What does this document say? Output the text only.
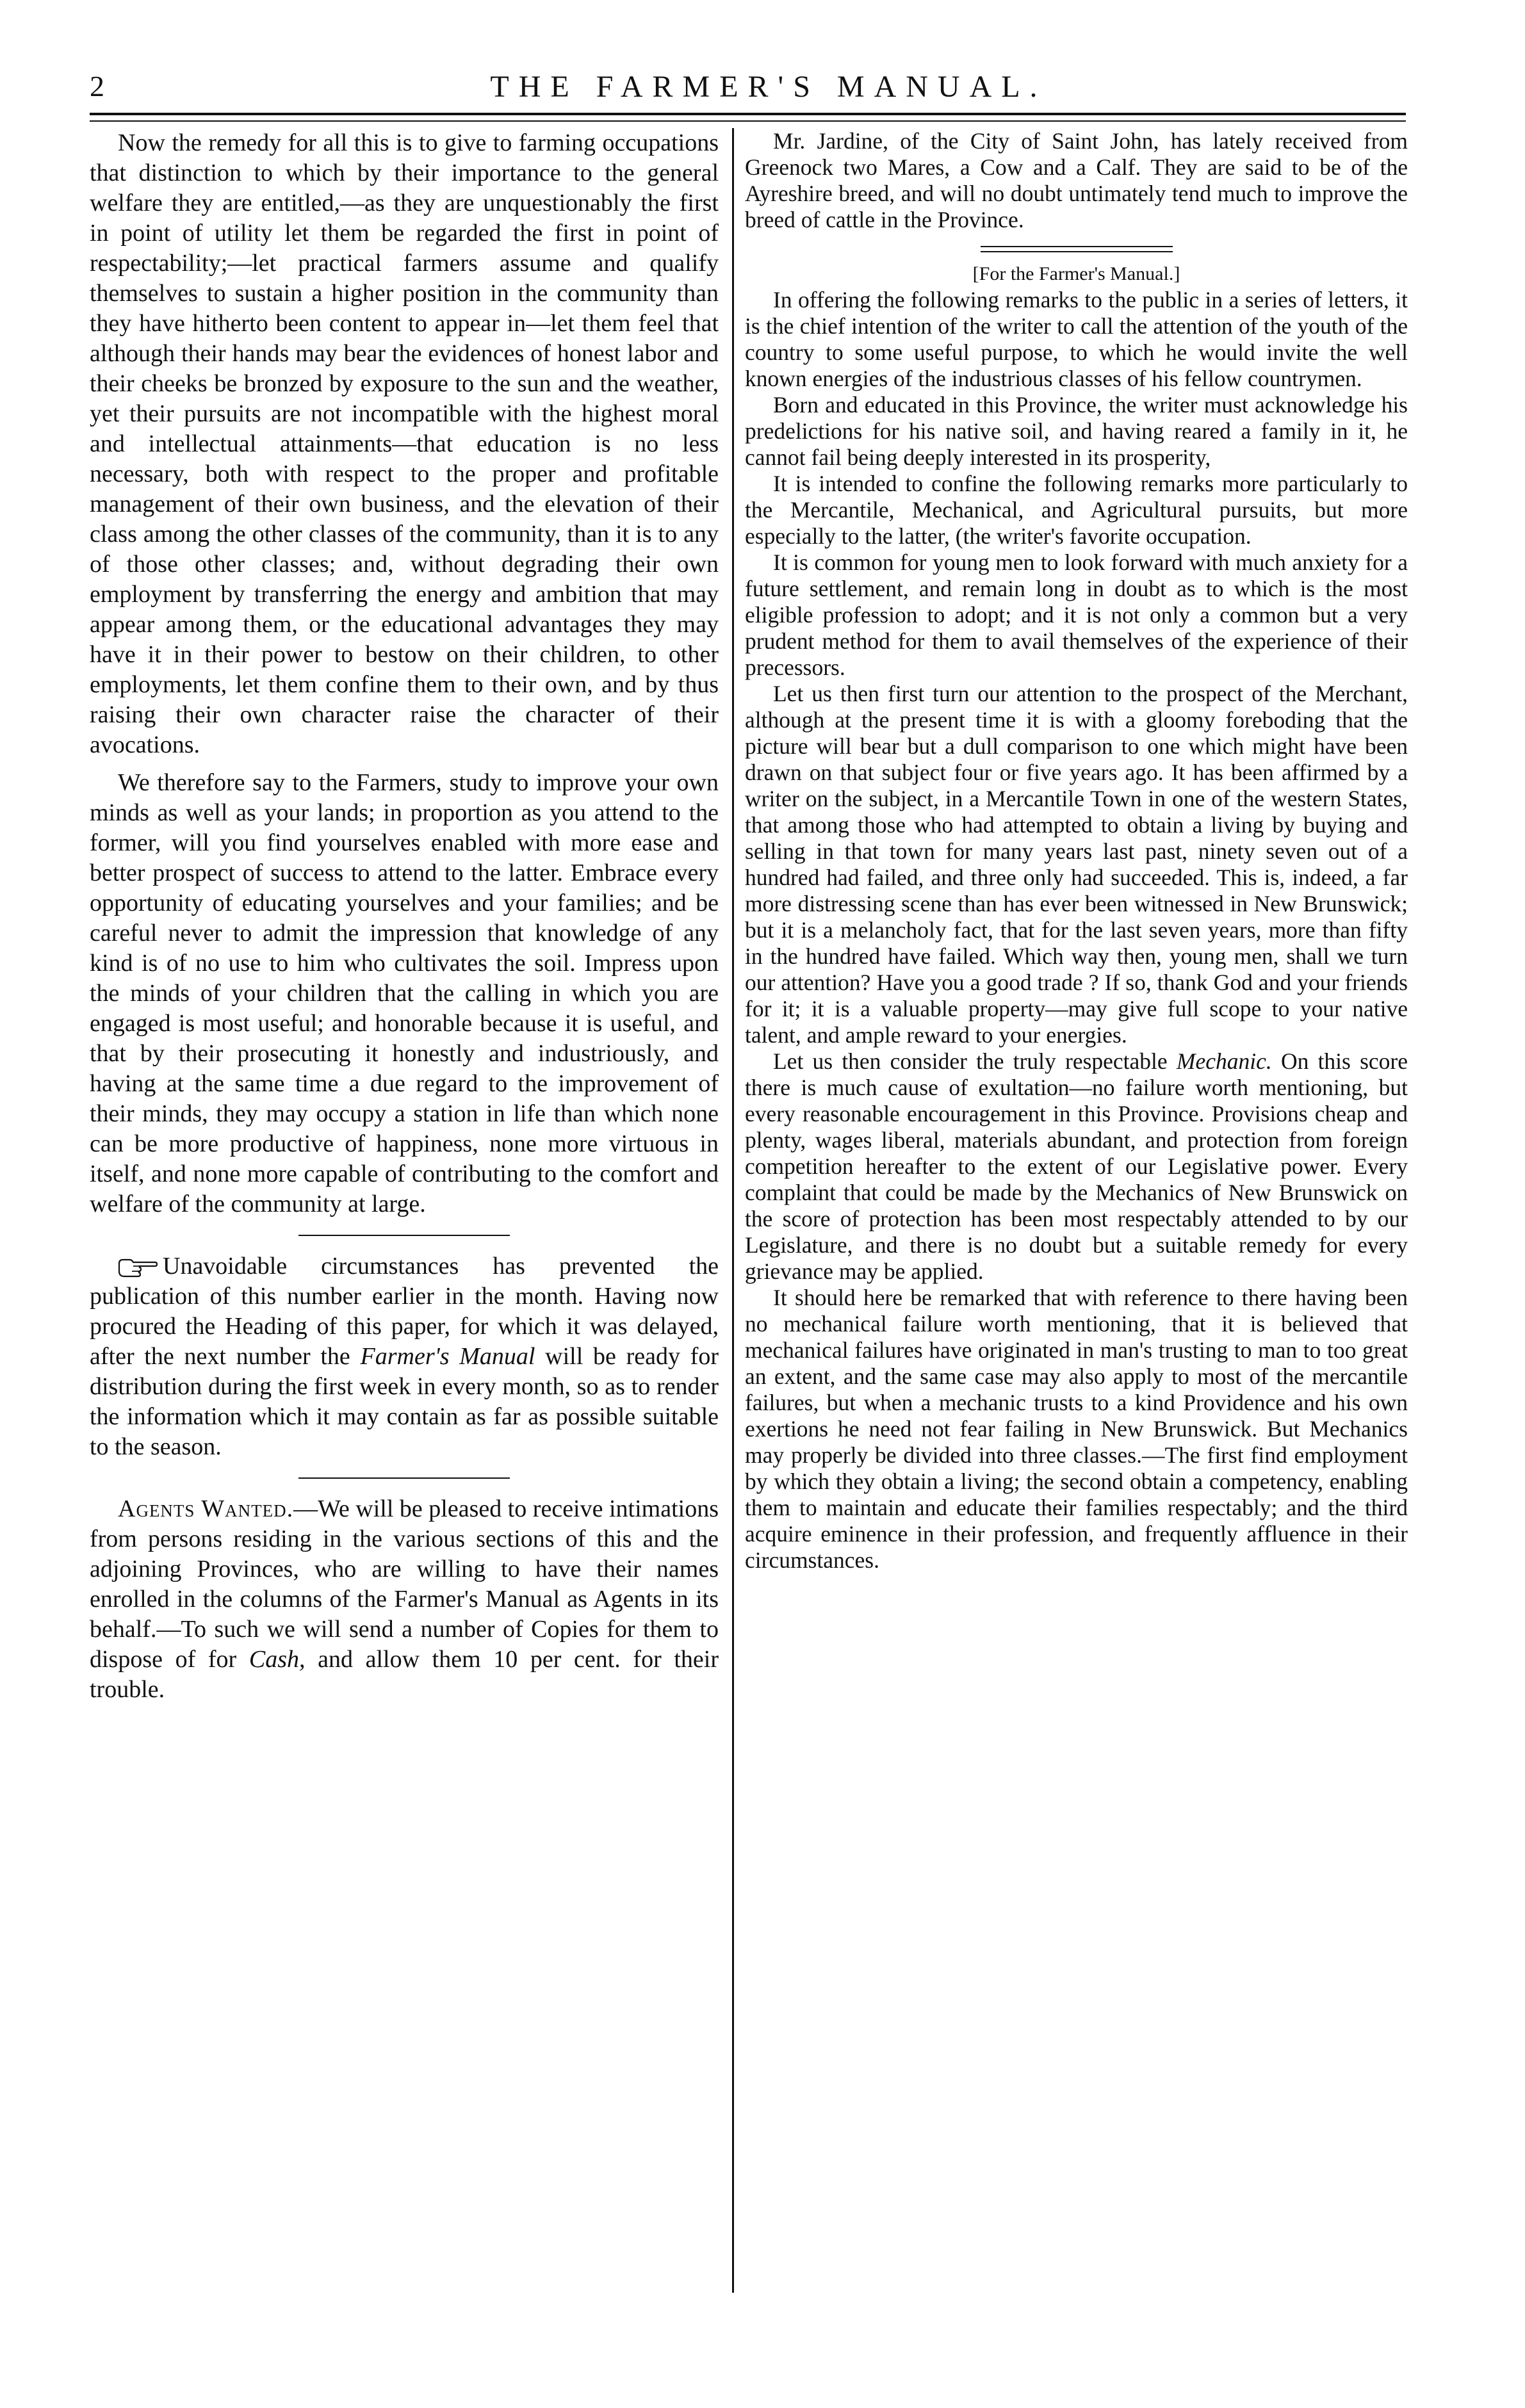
2	THE FARMER'S MANUAL.

Now the remedy for all this is to give to farming occupations that distinction to which by their importance to the general welfare they are entitled,—as they are unquestionably the first in point of utility let them be regarded the first in point of respectability;—let practical farmers assume and qualify themselves to sustain a higher position in the community than they have hitherto been content to appear in—let them feel that although their hands may bear the evidences of honest labor and their cheeks be bronzed by exposure to the sun and the weather, yet their pursuits are not incompatible with the highest moral and intellectual attainments—that education is no less necessary, both with respect to the proper and profitable management of their own business, and the elevation of their class among the other classes of the community, than it is to any of those other classes; and, without degrading their own employment by transferring the energy and ambition that may appear among them, or the educational advantages they may have it in their power to bestow on their children, to other employments, let them confine them to their own, and by thus raising their own character raise the character of their avocations.

We therefore say to the Farmers, study to improve your own minds as well as your lands; in proportion as you attend to the former, will you find yourselves enabled with more ease and better prospect of success to attend to the latter. Embrace every opportunity of educating yourselves and your families; and be careful never to admit the impression that knowledge of any kind is of no use to him who cultivates the soil. Impress upon the minds of your children that the calling in which you are engaged is most useful; and honorable because it is useful, and that by their prosecuting it honestly and industriously, and having at the same time a due regard to the improvement of their minds, they may occupy a station in life than which none can be more productive of happiness, none more virtuous in itself, and none more capable of contributing to the comfort and welfare of the community at large.

Unavoidable circumstances has prevented the publication of this number earlier in the month. Having now procured the Heading of this paper, for which it was delayed, after the next number the Farmer's Manual will be ready for distribution during the first week in every month, so as to render the information which it may contain as far as possible suitable to the season.

Agents Wanted.—We will be pleased to receive intimations from persons residing in the various sections of this and the adjoining Provinces, who are willing to have their names enrolled in the columns of the Farmer's Manual as Agents in its behalf.—To such we will send a number of Copies for them to dispose of for Cash, and allow them 10 per cent. for their trouble.

Mr. Jardine, of the City of Saint John, has lately received from Greenock two Mares, a Cow and a Calf. They are said to be of the Ayreshire breed, and will no doubt untimately tend much to improve the breed of cattle in the Province.

[For the Farmer's Manual.]

In offering the following remarks to the public in a series of letters, it is the chief intention of the writer to call the attention of the youth of the country to some useful purpose, to which he would invite the well known energies of the industrious classes of his fellow countrymen.

Born and educated in this Province, the writer must acknowledge his predelictions for his native soil, and having reared a family in it, he cannot fail being deeply interested in its prosperity,

It is intended to confine the following remarks more particularly to the Mercantile, Mechanical, and Agricultural pursuits, but more especially to the latter, (the writer's favorite occupation.

It is common for young men to look forward with much anxiety for a future settlement, and remain long in doubt as to which is the most eligible profession to adopt; and it is not only a common but a very prudent method for them to avail themselves of the experience of their precessors.

Let us then first turn our attention to the prospect of the Merchant, although at the present time it is with a gloomy foreboding that the picture will bear but a dull comparison to one which might have been drawn on that subject four or five years ago. It has been affirmed by a writer on the subject, in a Mercantile Town in one of the western States, that among those who had attempted to obtain a living by buying and selling in that town for many years last past, ninety seven out of a hundred had failed, and three only had succeeded. This is, indeed, a far more distressing scene than has ever been witnessed in New Brunswick; but it is a melancholy fact, that for the last seven years, more than fifty in the hundred have failed. Which way then, young men, shall we turn our attention? Have you a good trade ? If so, thank God and your friends for it; it is a valuable property—may give full scope to your native talent, and ample reward to your energies.

Let us then consider the truly respectable Mechanic. On this score there is much cause of exultation—no failure worth mentioning, but every reasonable encouragement in this Province. Provisions cheap and plenty, wages liberal, materials abundant, and protection from foreign competition hereafter to the extent of our Legislative power. Every complaint that could be made by the Mechanics of New Brunswick on the score of protection has been most respectably attended to by our Legislature, and there is no doubt but a suitable remedy for every grievance may be applied.

It should here be remarked that with reference to there having been no mechanical failure worth mentioning, that it is believed that mechanical failures have originated in man's trusting to man to too great an extent, and the same case may also apply to most of the mercantile failures, but when a mechanic trusts to a kind Providence and his own exertions he need not fear failing in New Brunswick. But Mechanics may properly be divided into three classes.—The first find employment by which they obtain a living; the second obtain a competency, enabling them to maintain and educate their families respectably; and the third acquire eminence in their profession, and frequently affluence in their circumstances.
